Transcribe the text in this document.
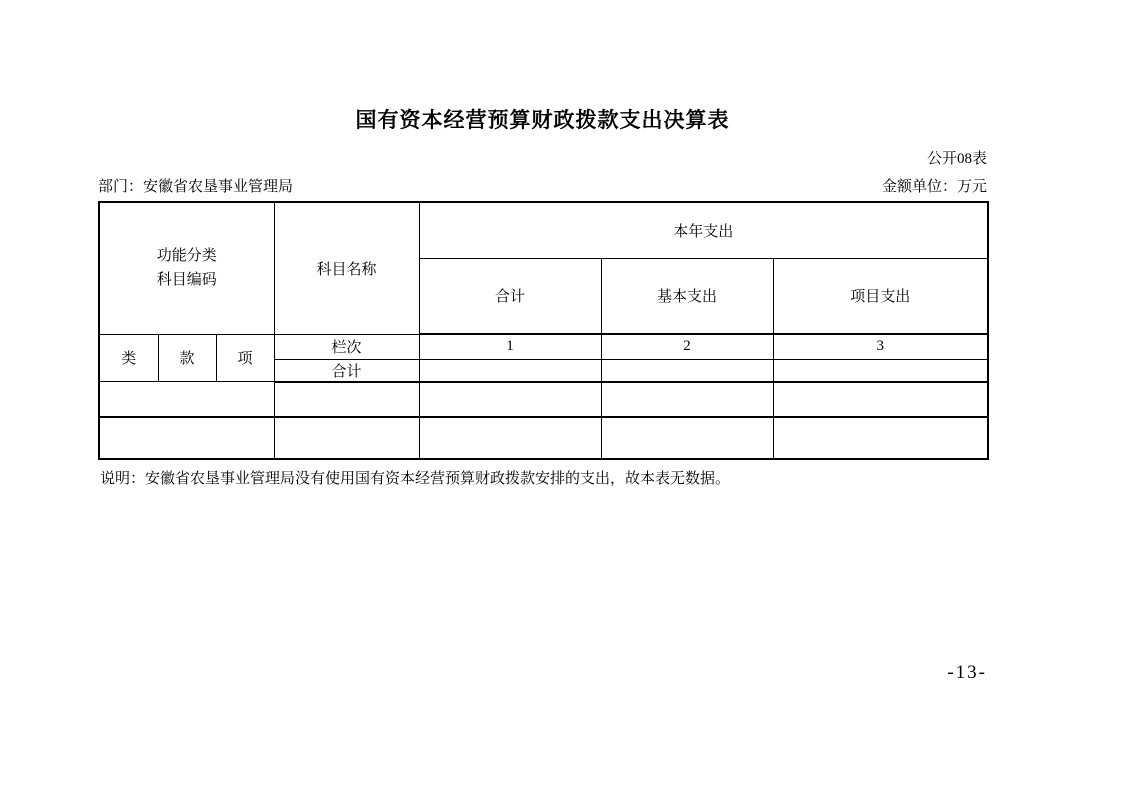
国有资本经营预算财政拨款支出决算表
公开08表
部门：安徽省农垦事业管理局	金额单位：万元
功能分类
科目编码			科目名称	本年支出		
				合计	基本支出	项目支出
类	款	项	栏次	1	2	3
			合计			

说明：安徽省农垦事业管理局没有使用国有资本经营预算财政拨款安排的支出，故本表无数据。
-13-
